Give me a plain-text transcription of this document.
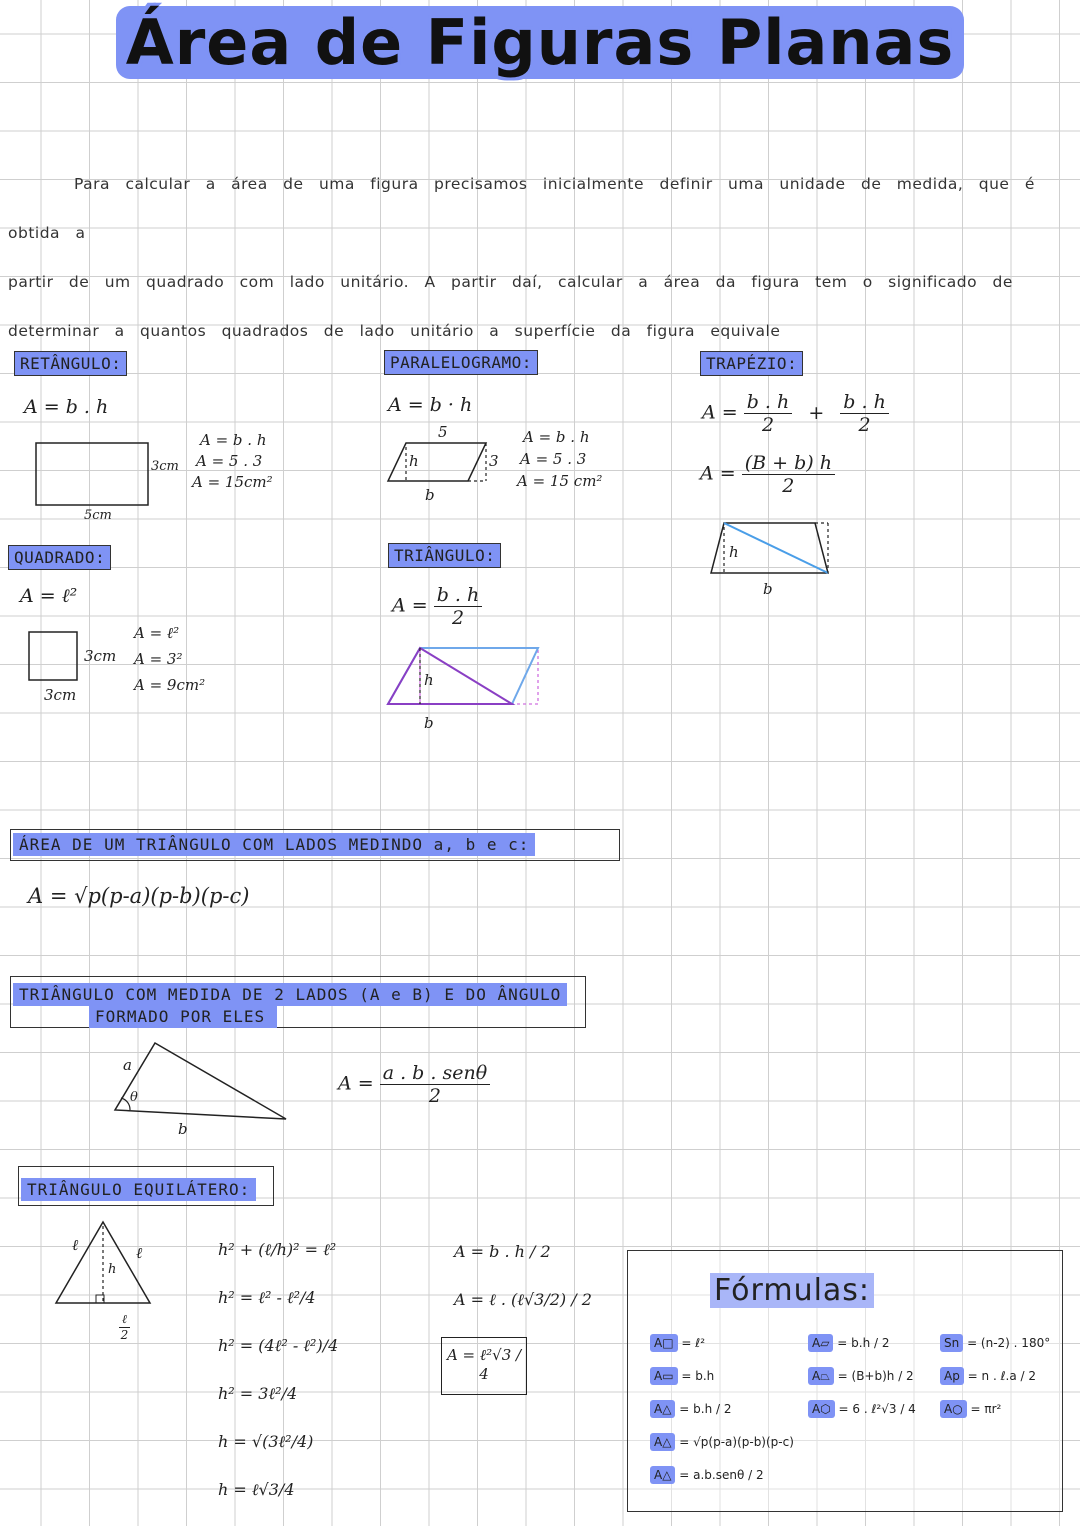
Área de Figuras Planas
Para calcular a área de uma figura precisamos inicialmente definir uma unidade de medida, que é obtida a
partir de um quadrado com lado unitário. A partir daí, calcular a área da figura tem o significado de
determinar a quantos quadrados de lado unitário a superfície da figura equivale
RETÂNGULO:
A = b . h
3cm
5cm
A = b . h
A = 5 . 3
A = 15cm²
QUADRADO:
A = ℓ²
3cm
3cm
A = ℓ²
A = 3²
A = 9cm²
PARALELOGRAMO:
A = b · h
5
h	3
b
A = b . h
A = 5 . 3
A = 15 cm²
TRIÂNGULO:
$A = \frac{b . h}{2}$
h
b
TRAPÉZIO:
$A = \frac{b . h}{2} + \frac{b . h}{2}$
$A = \frac{(B + b) h}{2}$
h
b
ÁREA DE UM TRIÂNGULO COM LADOS MEDINDO a, b e c:
A = √p(p-a)(p-b)(p-c)
TRIÂNGULO COM MEDIDA DE 2 LADOS (A e B) E DO ÂNGULO
FORMADO POR ELES
a
θ
b
$A = \frac{\text{a . b . senθ}}{2}$
TRIÂNGULO EQUILÁTERO:
ℓ	ℓ
h
$\frac{\text{ℓ}}{2}$
h² + (ℓ/h)² = ℓ²
h² = ℓ² - ℓ²/4
h² = (4ℓ² - ℓ²)/4
h² = 3ℓ²/4
h = √(3ℓ²/4)
h = ℓ√3/4
A = b . h / 2
A = ℓ . (ℓ√3/2) / 2
A = ℓ²√3 / 4
Fórmulas:
A□ = ℓ²
A▭ = b.h
A△ = b.h / 2
A△ = √p(p-a)(p-b)(p-c)
A△ = a.b.senθ / 2
A▱ = b.h / 2
A⏢ = (B+b)h / 2
A⬡ = 6 . ℓ²√3 / 4
Sn = (n-2) . 180°
Ap = n . ℓ.a / 2
A○ = πr²
